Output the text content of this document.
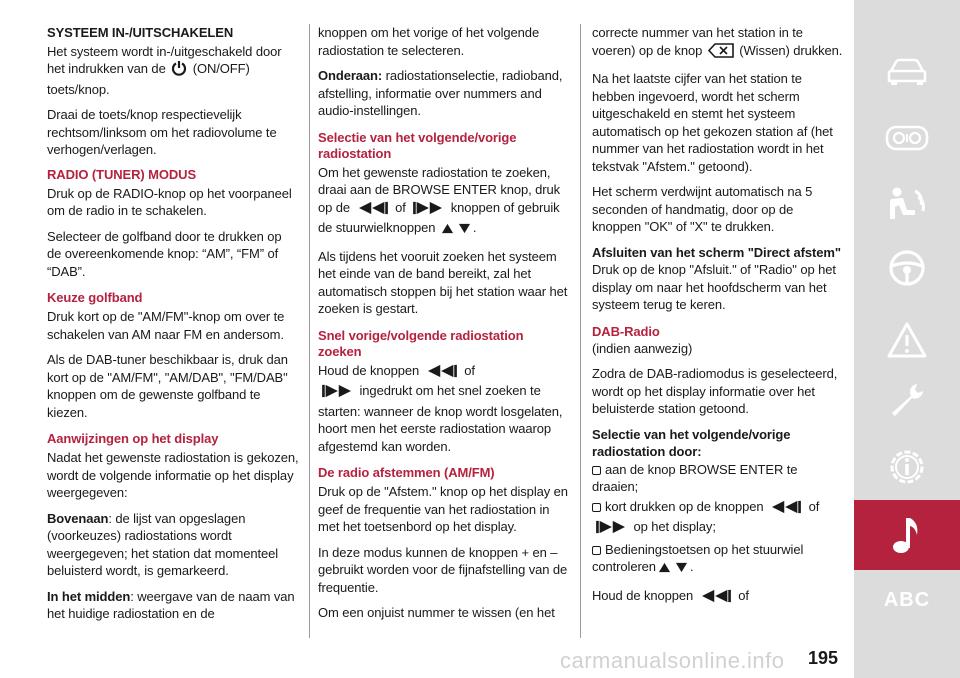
SYSTEEM IN-/UITSCHAKELEN

Het systeem wordt in-/uitgeschakeld door het indrukken van de (ON/OFF) toets/knop.

Draai de toets/knop respectievelijk rechtsom/linksom om het radiovolume te verhogen/verlagen.

RADIO (TUNER) MODUS

Druk op de RADIO-knop op het voorpaneel om de radio in te schakelen.

Selecteer de golfband door te drukken op de overeenkomende knop: “AM”, “FM” of “DAB”.

Keuze golfband

Druk kort op de "AM/FM"-knop om over te schakelen van AM naar FM en andersom.

Als de DAB-tuner beschikbaar is, druk dan kort op de "AM/FM", "AM/DAB", "FM/DAB" knoppen om de gewenste golfband te kiezen.

Aanwijzingen op het display

Nadat het gewenste radiostation is gekozen, wordt de volgende informatie op het display weergegeven:

Bovenaan: de lijst van opgeslagen (voorkeuzes) radiostations wordt weergegeven; het station dat momenteel beluisterd wordt, is gemarkeerd.

In het midden: weergave van de naam van het huidige radiostation en de

knoppen om het vorige of het volgende radiostation te selecteren.

Onderaan: radiostationselectie, radioband, afstelling, informatie over nummers and audio-instellingen.

Selectie van het volgende/vorige radiostation

Om het gewenste radiostation te zoeken, draai aan de BROWSE ENTER knop, druk op de	of	knoppen of gebruik de stuurwielknoppen	.

Als tijdens het vooruit zoeken het systeem het einde van de band bereikt, zal het automatisch stoppen bij het station waar het zoeken is gestart.

Snel vorige/volgende radiostation zoeken

Houd de knoppen	of
ingedrukt om het snel zoeken te starten: wanneer de knop wordt losgelaten, hoort men het eerste radiostation waarop afgestemd kan worden.

De radio afstemmen (AM/FM)

Druk op de "Afstem." knop op het display en geef de frequentie van het radiostation in met het toetsenbord op het display.

In deze modus kunnen de knoppen + en – gebruikt worden voor de fijnafstelling van de frequentie.

Om een onjuist nummer te wissen (en het

correcte nummer van het station in te voeren) op de knop	(Wissen) drukken.

Na het laatste cijfer van het station te hebben ingevoerd, wordt het scherm uitgeschakeld en stemt het systeem automatisch op het gekozen station af (het nummer van het radiostation wordt in het tekstvak "Afstem." getoond).

Het scherm verdwijnt automatisch na 5 seconden of handmatig, door op de knoppen "OK" of "X" te drukken.

Afsluiten van het scherm "Direct afstem"

Druk op de knop "Afsluit." of "Radio" op het display om naar het hoofdscherm van het systeem terug te keren.

DAB-Radio

(indien aanwezig)

Zodra de DAB-radiomodus is geselecteerd, wordt op het display informatie over het beluisterde station getoond.

Selectie van het volgende/vorige radiostation door:

aan de knop BROWSE ENTER te draaien;

kort drukken op de knoppen	of
op het display;

Bedieningstoetsen op het stuurwiel controleren	.

Houd de knoppen	of	ABC
carmanualsonline.info 195
